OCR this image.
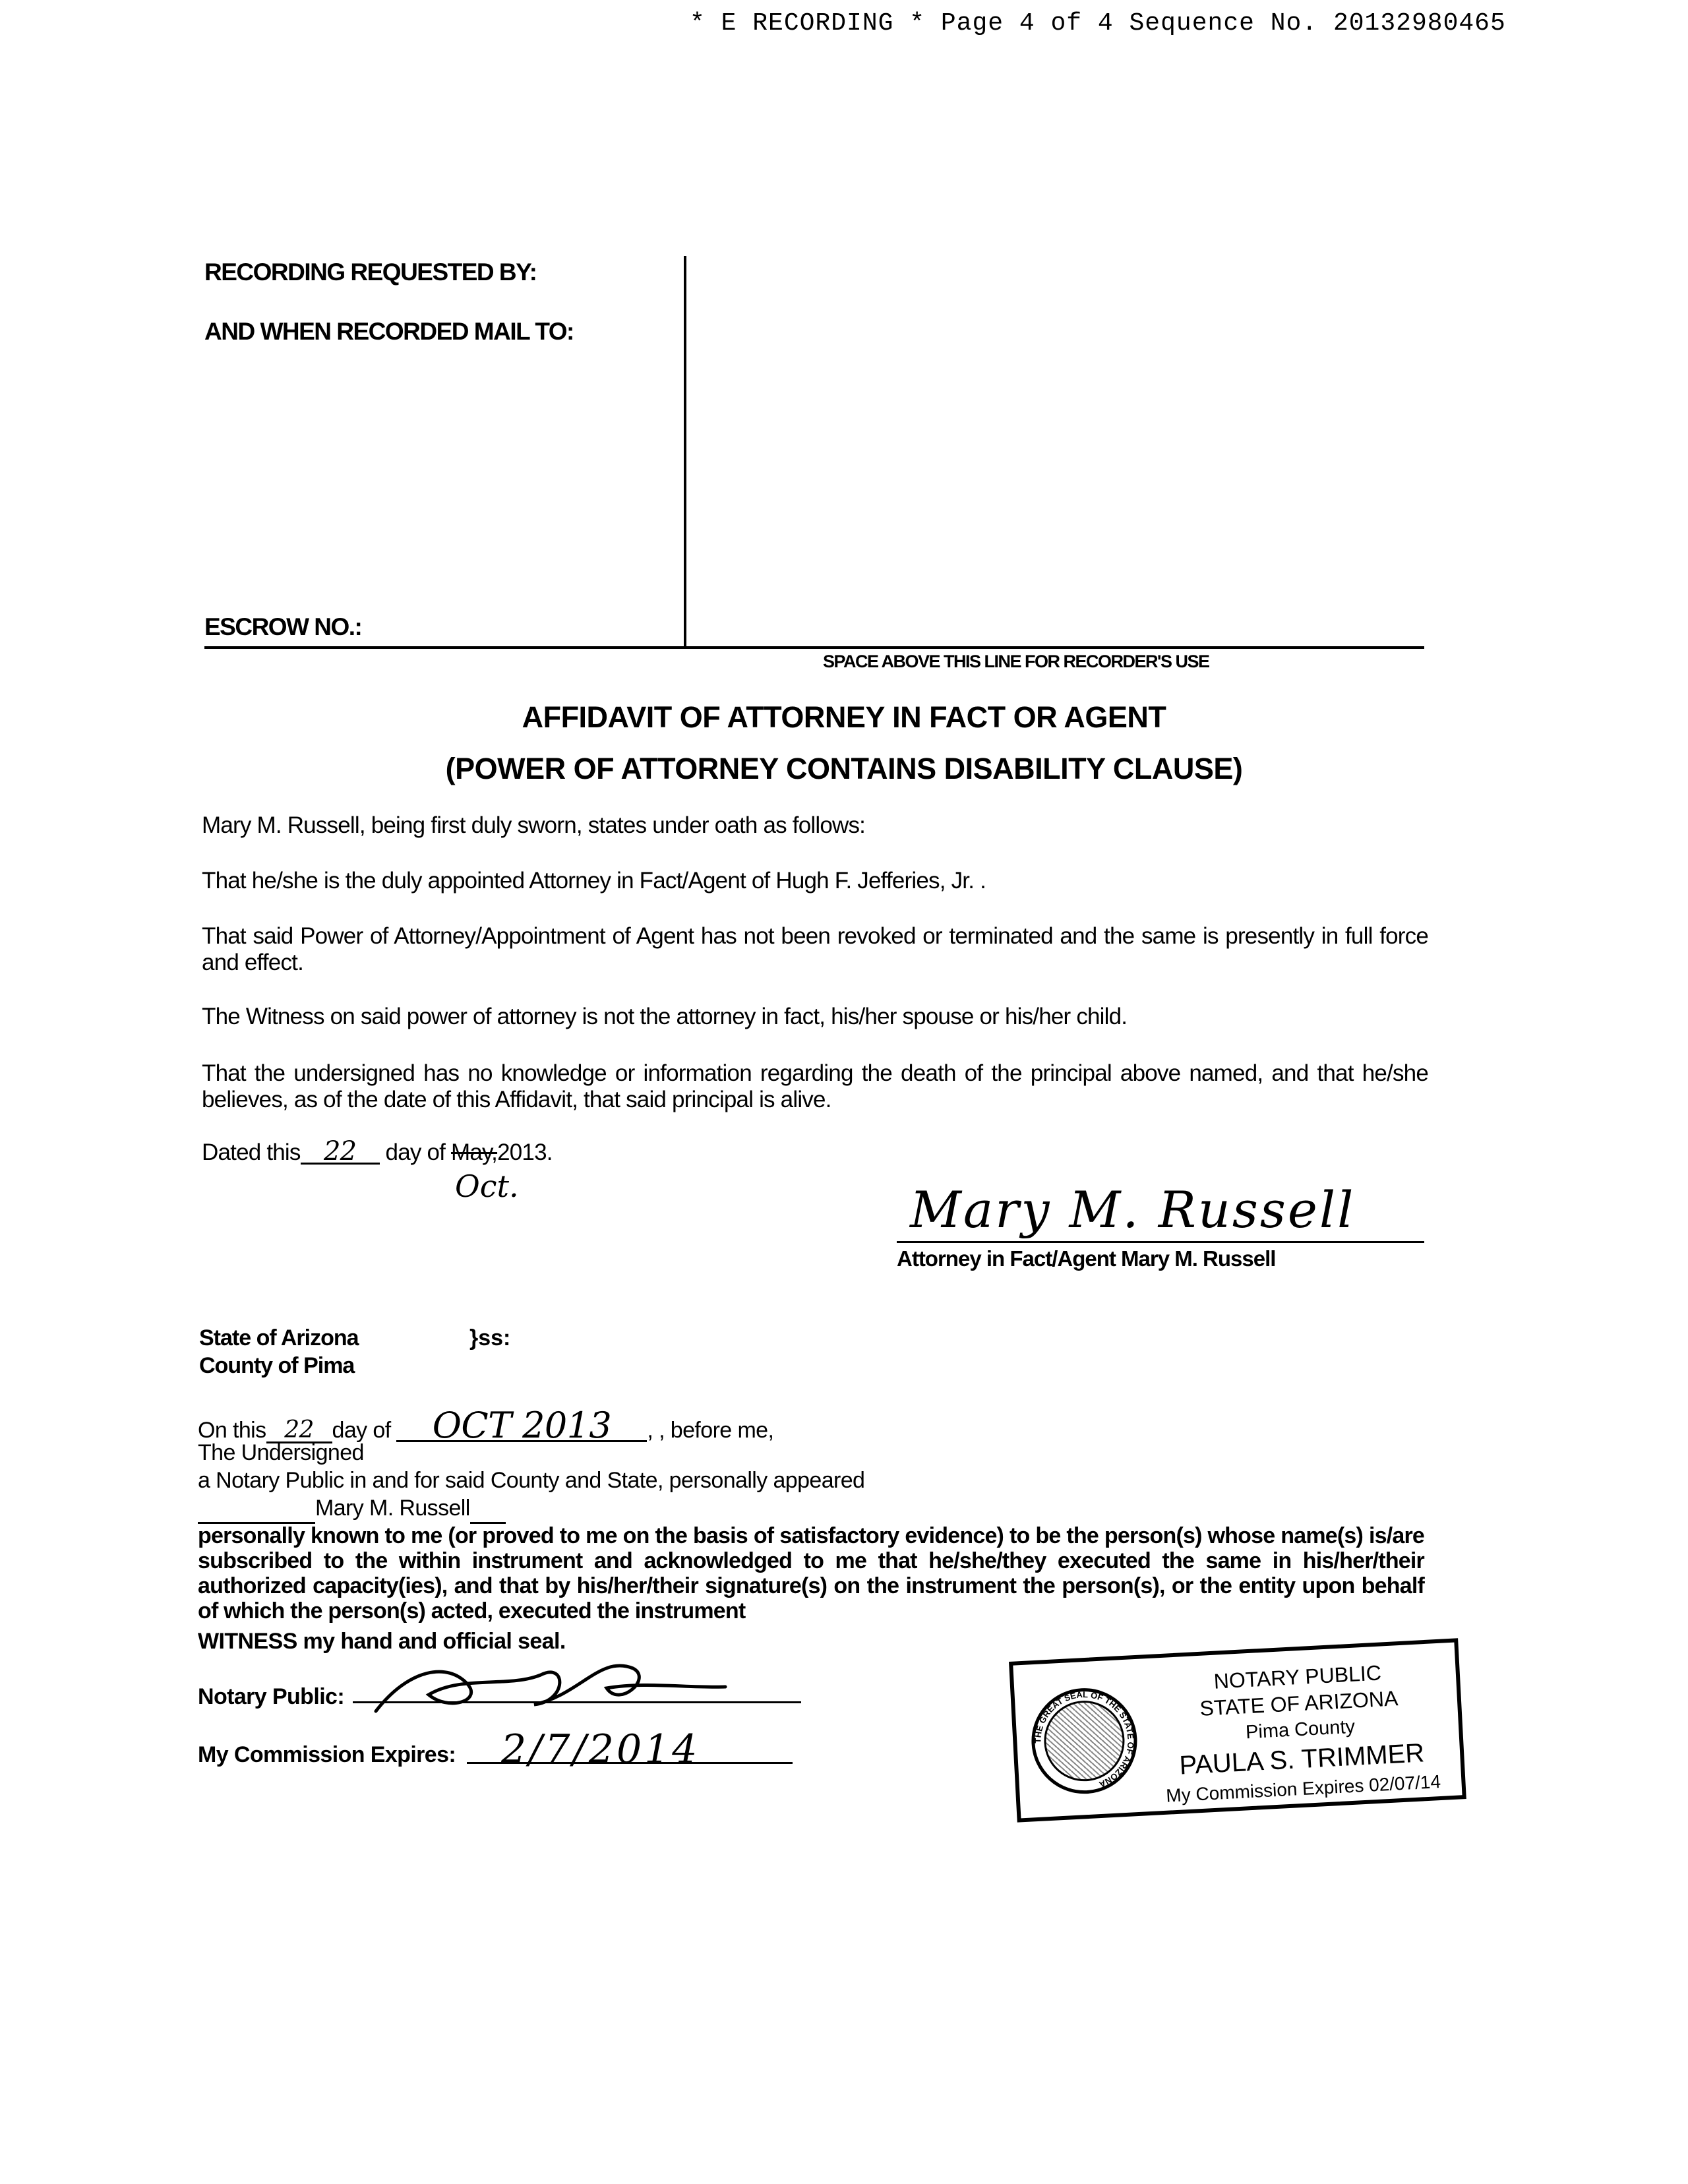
* E RECORDING * Page 4 of 4 Sequence No. 20132980465
RECORDING REQUESTED BY:
AND WHEN RECORDED MAIL TO:
ESCROW NO.:
SPACE ABOVE THIS LINE FOR RECORDER'S USE
AFFIDAVIT OF ATTORNEY IN FACT OR AGENT
(POWER OF ATTORNEY CONTAINS DISABILITY CLAUSE)
Mary M. Russell, being first duly sworn, states under oath as follows:
That he/she is the duly appointed Attorney in Fact/Agent of Hugh F. Jefferies, Jr. .
That said Power of Attorney/Appointment of Agent has not been revoked or terminated and the same is presently in full force and effect.
The Witness on said power of attorney is not the attorney in fact, his/her spouse or his/her child.
That the undersigned has no knowledge or information regarding the death of the principal above named, and that he/she believes, as of the date of this Affidavit, that said principal is alive.
Dated this 22 day of May,2013.
Oct.	Mary M. Russell
Attorney in Fact/Agent Mary M. Russell
State of Arizona	}ss:
County of Pima
On this 22 day of OCT 2013 , , before me,
The Undersigned
a Notary Public in and for said County and State, personally appeared
Mary M. Russell
personally known to me (or proved to me on the basis of satisfactory evidence) to be the person(s) whose name(s) is/are subscribed to the within instrument and acknowledged to me that he/she/they executed the same in his/her/their authorized capacity(ies), and that by his/her/their signature(s) on the instrument the person(s), or the entity upon behalf of which the person(s) acted, executed the instrument
WITNESS my hand and official seal.
Notary Public:
My Commission Expires: 2/7/2014	THE GREAT SEAL OF THE STATE OF ARIZONA
NOTARY PUBLIC
STATE OF ARIZONA
Pima County
PAULA S. TRIMMER
My Commission Expires 02/07/14
